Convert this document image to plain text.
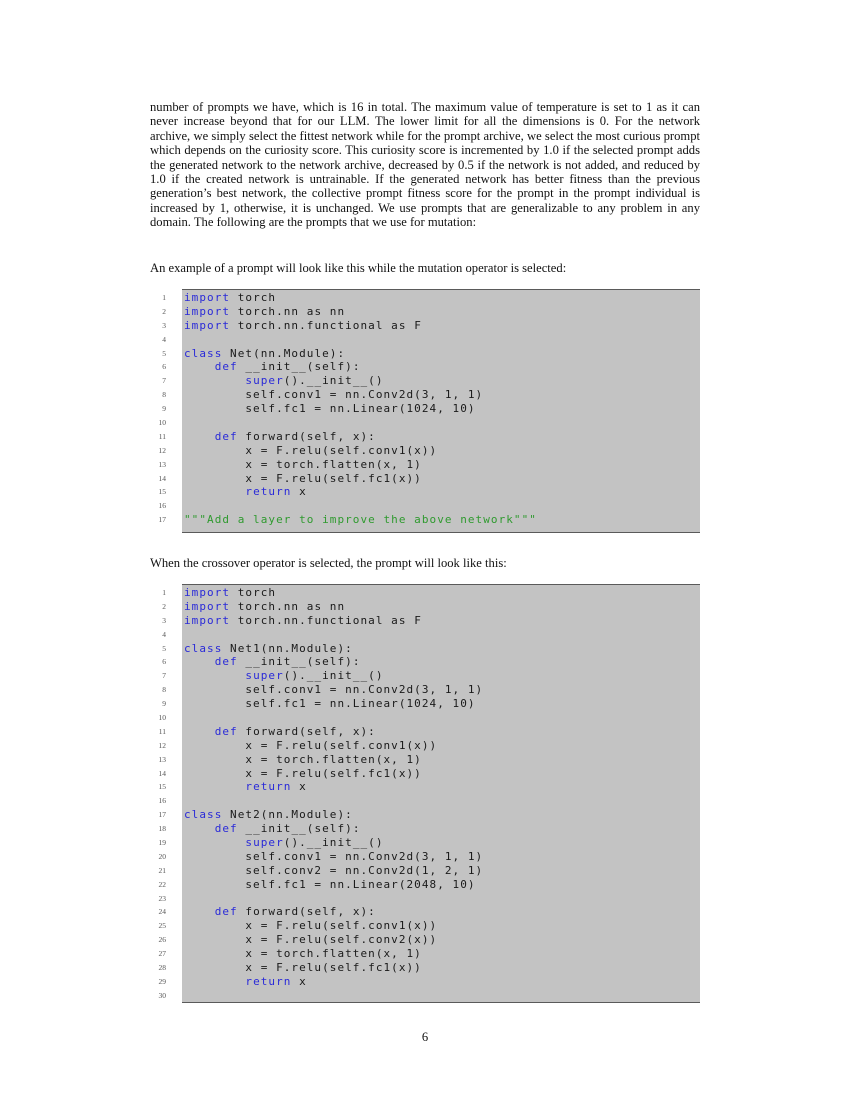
number of prompts we have, which is 16 in total. The maximum value of temperature is set to 1 as it can never increase beyond that for our LLM. The lower limit for all the dimensions is 0. For the network archive, we simply select the fittest network while for the prompt archive, we select the most curious prompt which depends on the curiosity score. This curiosity score is incremented by 1.0 if the selected prompt adds the generated network to the network archive, decreased by 0.5 if the network is not added, and reduced by 1.0 if the created network is untrainable. If the generated network has better fitness than the previous generation’s best network, the collective prompt fitness score for the prompt in the prompt individual is increased by 1, otherwise, it is unchanged. We use prompts that are generalizable to any problem in any domain. The following are the prompts that we use for mutation:

An example of a prompt will look like this while the mutation operator is selected:

1 import torch
2 import torch.nn as nn
3 import torch.nn.functional as F
4
5 class Net(nn.Module):
6	def __init__(self):
7	super().__init__()
8 self.conv1 = nn.Conv2d(3, 1, 1)
9 self.fc1 = nn.Linear(1024, 10)
10
11	def forward(self, x):
12 x = F.relu(self.conv1(x))
13 x = torch.flatten(x, 1)
14 x = F.relu(self.fc1(x))
15	return x
16
17 """Add a layer to improve the above network"""

When the crossover operator is selected, the prompt will look like this:

1 import torch
2 import torch.nn as nn
3 import torch.nn.functional as F
4
5 class Net1(nn.Module):
6	def __init__(self):
7	super().__init__()
8 self.conv1 = nn.Conv2d(3, 1, 1)
9 self.fc1 = nn.Linear(1024, 10)
10
11	def forward(self, x):
12 x = F.relu(self.conv1(x))
13 x = torch.flatten(x, 1)
14 x = F.relu(self.fc1(x))
15	return x
16
17 class Net2(nn.Module):
18	def __init__(self):
19	super().__init__()
20 self.conv1 = nn.Conv2d(3, 1, 1)
21 self.conv2 = nn.Conv2d(1, 2, 1)
22 self.fc1 = nn.Linear(2048, 10)
23
24	def forward(self, x):
25 x = F.relu(self.conv1(x))
26 x = F.relu(self.conv2(x))
27 x = torch.flatten(x, 1)
28 x = F.relu(self.fc1(x))
29	return x
30
6
